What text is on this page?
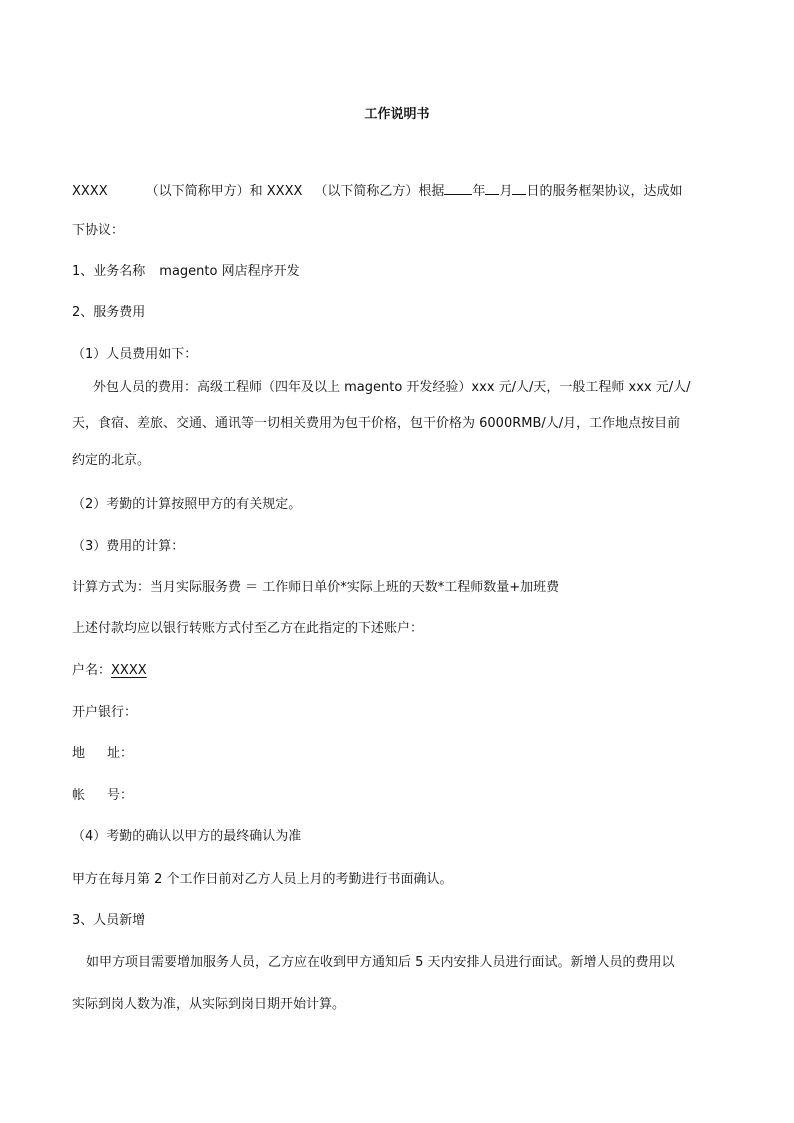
工作说明书
XXXX	（以下简称甲方）和 XXXX （以下简称乙方）根据 年 月 日的服务框架协议，达成如
下协议：
1、业务名称 magento 网店程序开发
2、服务费用
（1）人员费用如下：
外包人员的费用：高级工程师（四年及以上 magento 开发经验）xxx 元/人/天，一般工程师 xxx 元/人/
天，食宿、差旅、交通、通讯等一切相关费用为包干价格，包干价格为 6000RMB/人/月，工作地点按目前
约定的北京。
（2）考勤的计算按照甲方的有关规定。
（3）费用的计算：
计算方式为：当月实际服务费 ＝ 工作师日单价*实际上班的天数*工程师数量+加班费
上述付款均应以银行转账方式付至乙方在此指定的下述账户：
户名：XXXX
开户银行：
地 址：
帐 号：
（4）考勤的确认以甲方的最终确认为准
甲方在每月第 2 个工作日前对乙方人员上月的考勤进行书面确认。
3、人员新增
如甲方项目需要增加服务人员，乙方应在收到甲方通知后 5 天内安排人员进行面试。新增人员的费用以
实际到岗人数为准，从实际到岗日期开始计算。
